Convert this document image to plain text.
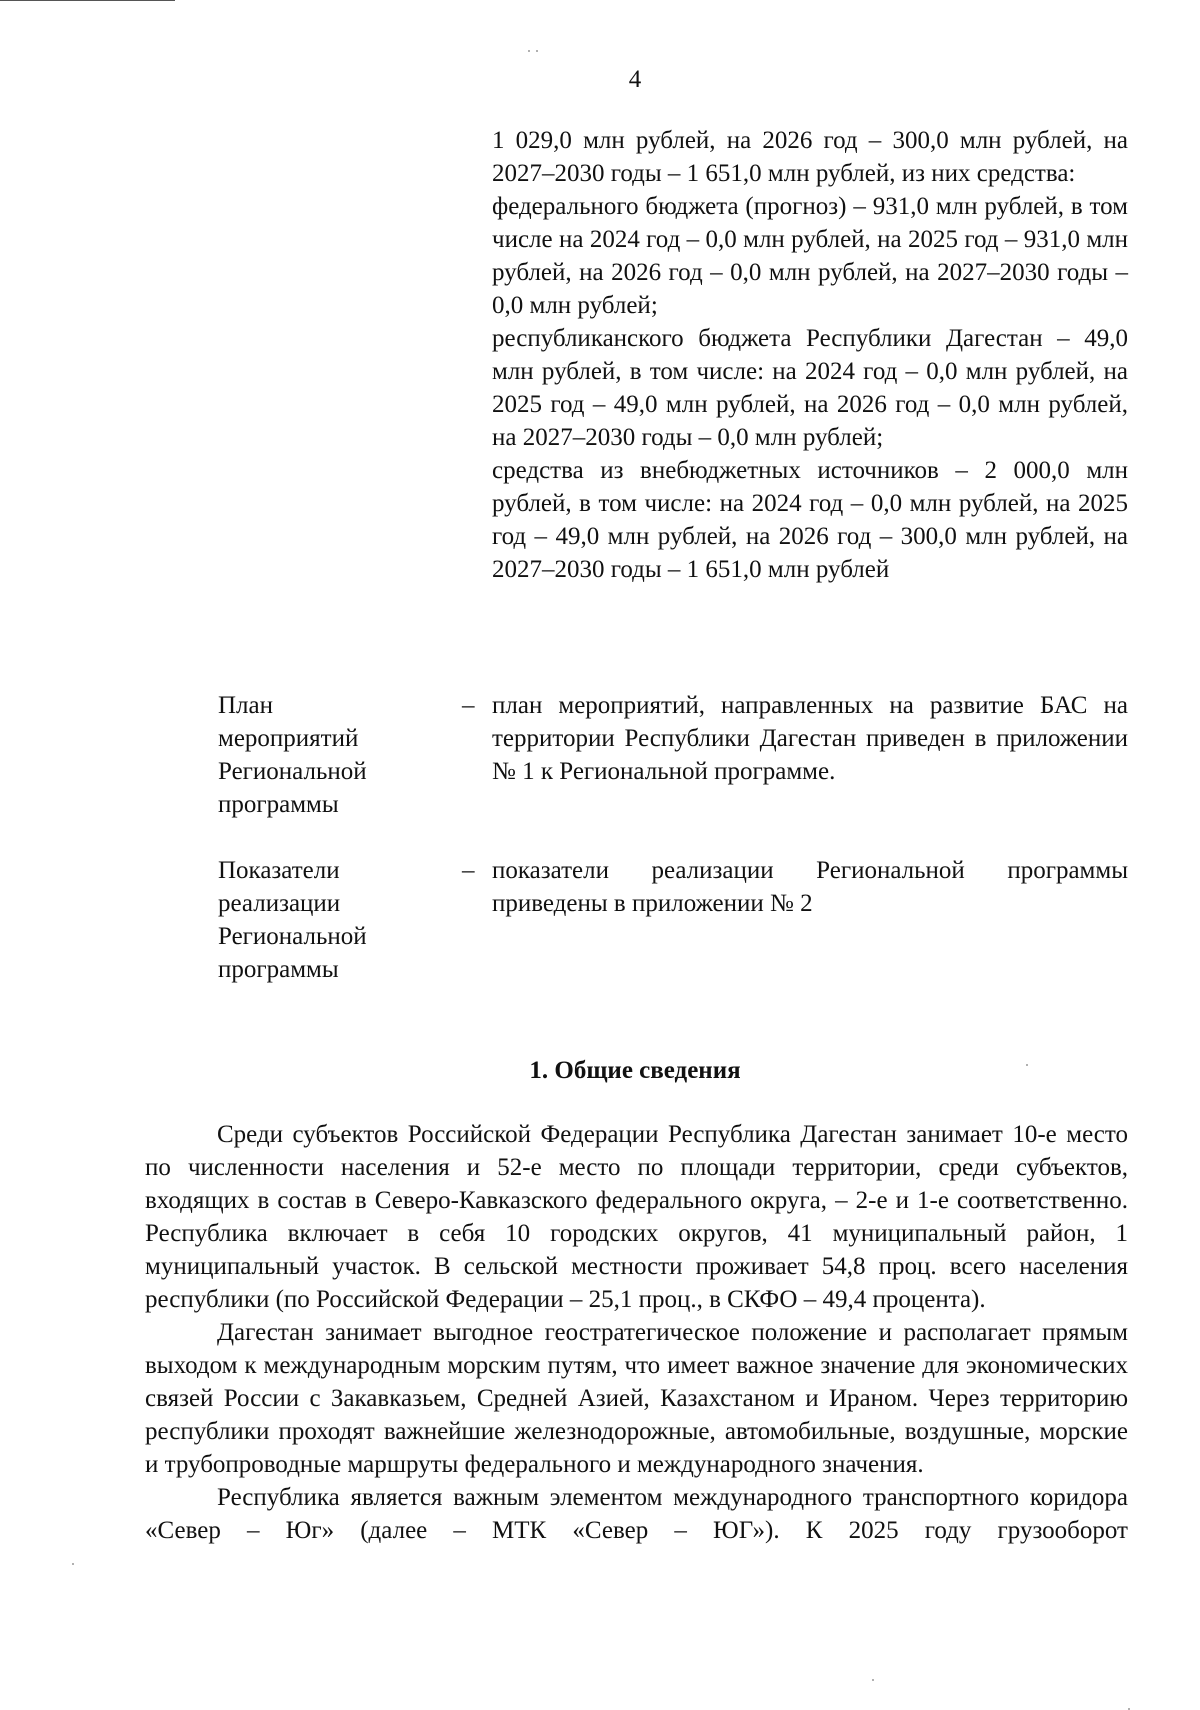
4

1 029,0 млн рублей, на 2026 год – 300,0 млн рублей, на 2027–2030 годы – 1 651,0 млн рублей, из них средства:

федерального бюджета (прогноз) – 931,0 млн рублей, в том числе на 2024 год – 0,0 млн рублей, на 2025 год – 931,0 млн рублей, на 2026 год – 0,0 млн рублей, на 2027–2030 годы – 0,0 млн рублей;

республиканского бюджета Республики Дагестан – 49,0 млн рублей, в том числе: на 2024 год – 0,0 млн рублей, на 2025 год – 49,0 млн рублей, на 2026 год – 0,0 млн рублей, на 2027–2030 годы – 0,0 млн рублей;

средства из внебюджетных источников – 2 000,0 млн рублей, в том числе: на 2024 год – 0,0 млн рублей, на 2025 год – 49,0 млн рублей, на 2026 год – 300,0 млн рублей, на 2027–2030 годы – 1 651,0 млн рублей

План мероприятий Региональной программы
– план мероприятий, направленных на развитие БАС на территории Республики Дагестан приведен в приложении № 1 к Региональной программе.
Показатели реализации Региональной программы
– показатели реализации Региональной программы приведены в приложении № 2
1. Общие сведения

Среди субъектов Российской Федерации Республика Дагестан занимает 10-е место по численности населения и 52-е место по площади территории, среди субъектов, входящих в состав в Северо-Кавказского федерального округа, – 2-е и 1-е соответственно. Республика включает в себя 10 городских округов, 41 муниципальный район, 1 муниципальный участок. В сельской местности проживает 54,8 проц. всего населения республики (по Российской Федерации – 25,1 проц., в СКФО – 49,4 процента).

Дагестан занимает выгодное геостратегическое положение и располагает прямым выходом к международным морским путям, что имеет важное значение для экономических связей России с Закавказьем, Средней Азией, Казахстаном и Ираном. Через территорию республики проходят важнейшие железнодорожные, автомобильные, воздушные, морские и трубопроводные маршруты федерального и международного значения.

Республика является важным элементом международного транспортного коридора «Север – Юг» (далее – МТК «Север – ЮГ»). К 2025 году грузооборот
